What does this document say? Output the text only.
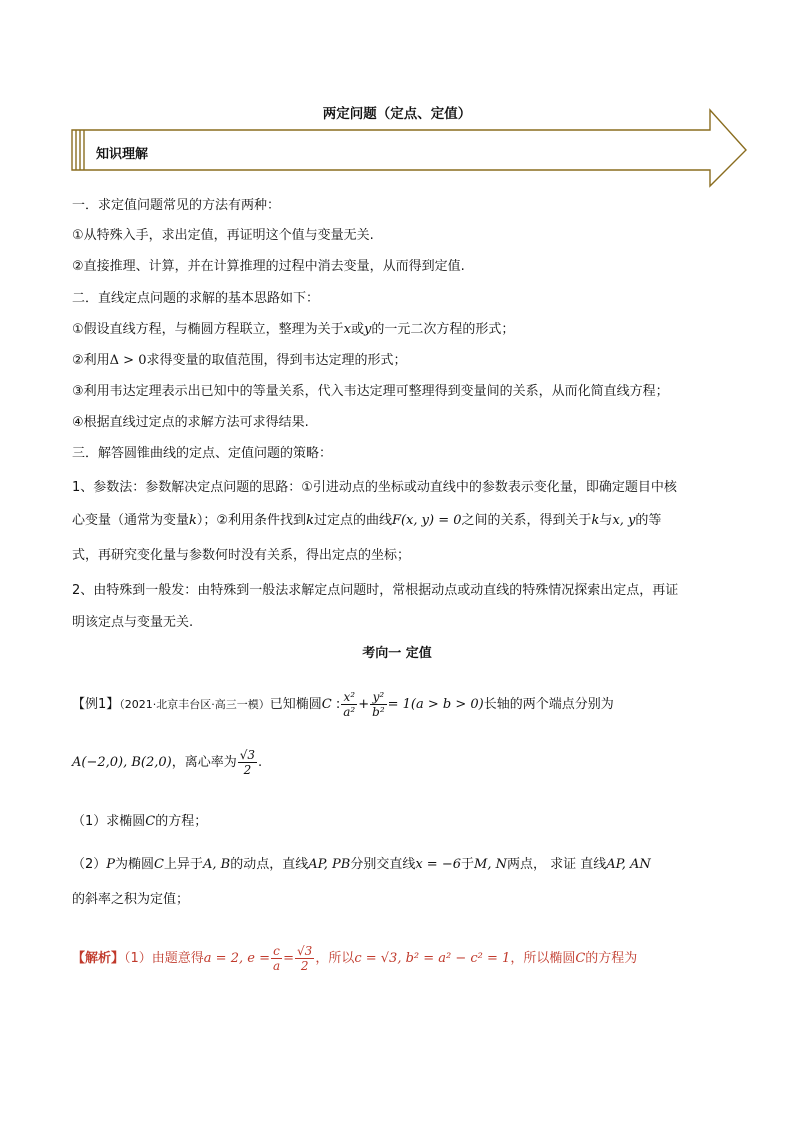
两定问题（定点、定值）
知识理解
一．求定值问题常见的方法有两种：
①从特殊入手，求出定值，再证明这个值与变量无关.
②直接推理、计算，并在计算推理的过程中消去变量，从而得到定值.
二．直线定点问题的求解的基本思路如下：
①假设直线方程，与椭圆方程联立，整理为关于x或y的一元二次方程的形式；
②利用Δ > 0求得变量的取值范围，得到韦达定理的形式；
③利用韦达定理表示出已知中的等量关系，代入韦达定理可整理得到变量间的关系，从而化简直线方程；
④根据直线过定点的求解方法可求得结果.
三．解答圆锥曲线的定点、定值问题的策略：
1、参数法：参数解决定点问题的思路：①引进动点的坐标或动直线中的参数表示变化量，即确定题目中核
心变量（通常为变量k）；②利用条件找到k过定点的曲线F(x, y) = 0之间的关系，得到关于k与x, y的等
式，再研究变化量与参数何时没有关系，得出定点的坐标；
2、由特殊到一般发：由特殊到一般法求解定点问题时，常根据动点或动直线的特殊情况探索出定点，再证
明该定点与变量无关.
考向一 定值
【例1】（2021·北京丰台区·高三一模）已知椭圆C : $\frac{\text{x²}}{\text{a²}} + \frac{\text{y²}}{\text{b²}} = 1(a > b > 0)$长轴的两个端点分别为
A(−2,0), B(2,0)，离心率为 $\frac{√3}{2}$ .
（1）求椭圆C的方程；
（2）P为椭圆C上异于A, B的动点，直线AP, PB分别交直线x = −6于M, N两点， 求证 直线AP, AN
的斜率之积为定值；
【解析】（1）由题意得a = 2, $e = \frac{c}{a} = \frac{√3}{2}$ ，所以c = √3, b² = a² − c² = 1，所以椭圆C的方程为
